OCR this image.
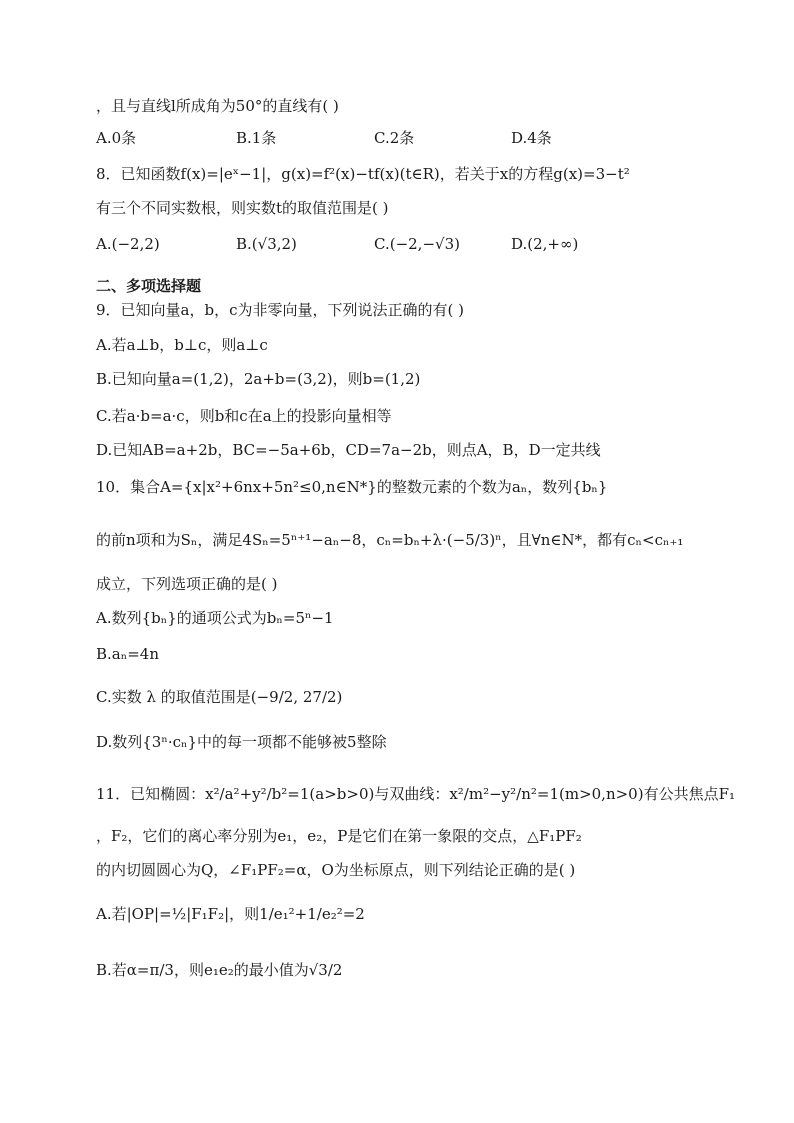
，且与直线l所成角为50°的直线有( )
A.0条	B.1条	C.2条	D.4条
8．已知函数f(x)=|eˣ−1|，g(x)=f²(x)−tf(x)(t∈R)，若关于x的方程g(x)=3−t²
有三个不同实数根，则实数t的取值范围是( )
A.(−2,2)	B.(√3,2)	C.(−2,−√3)	D.(2,+∞)
二、多项选择题
9．已知向量a，b，c为非零向量，下列说法正确的有( )
A.若a⊥b，b⊥c，则a⊥c
B.已知向量a=(1,2)，2a+b=(3,2)，则b=(1,2)
C.若a·b=a·c，则b和c在a上的投影向量相等
D.已知AB=a+2b，BC=−5a+6b，CD=7a−2b，则点A，B，D一定共线
10．集合A={x|x²+6nx+5n²≤0,n∈N*}的整数元素的个数为aₙ，数列{bₙ}
的前n项和为Sₙ，满足4Sₙ=5ⁿ⁺¹−aₙ−8，cₙ=bₙ+λ·(−5/3)ⁿ，且∀n∈N*，都有cₙ<cₙ₊₁
成立，下列选项正确的是( )
A.数列{bₙ}的通项公式为bₙ=5ⁿ−1
B.aₙ=4n
C.实数 λ 的取值范围是(−9/2, 27/2)
D.数列{3ⁿ·cₙ}中的每一项都不能够被5整除
11．已知椭圆：x²/a²+y²/b²=1(a>b>0)与双曲线：x²/m²−y²/n²=1(m>0,n>0)有公共焦点F₁
，F₂，它们的离心率分别为e₁，e₂，P是它们在第一象限的交点，△F₁PF₂
的内切圆圆心为Q，∠F₁PF₂=α，O为坐标原点，则下列结论正确的是( )
A.若|OP|=½|F₁F₂|，则1/e₁²+1/e₂²=2
B.若α=π/3，则e₁e₂的最小值为√3/2
